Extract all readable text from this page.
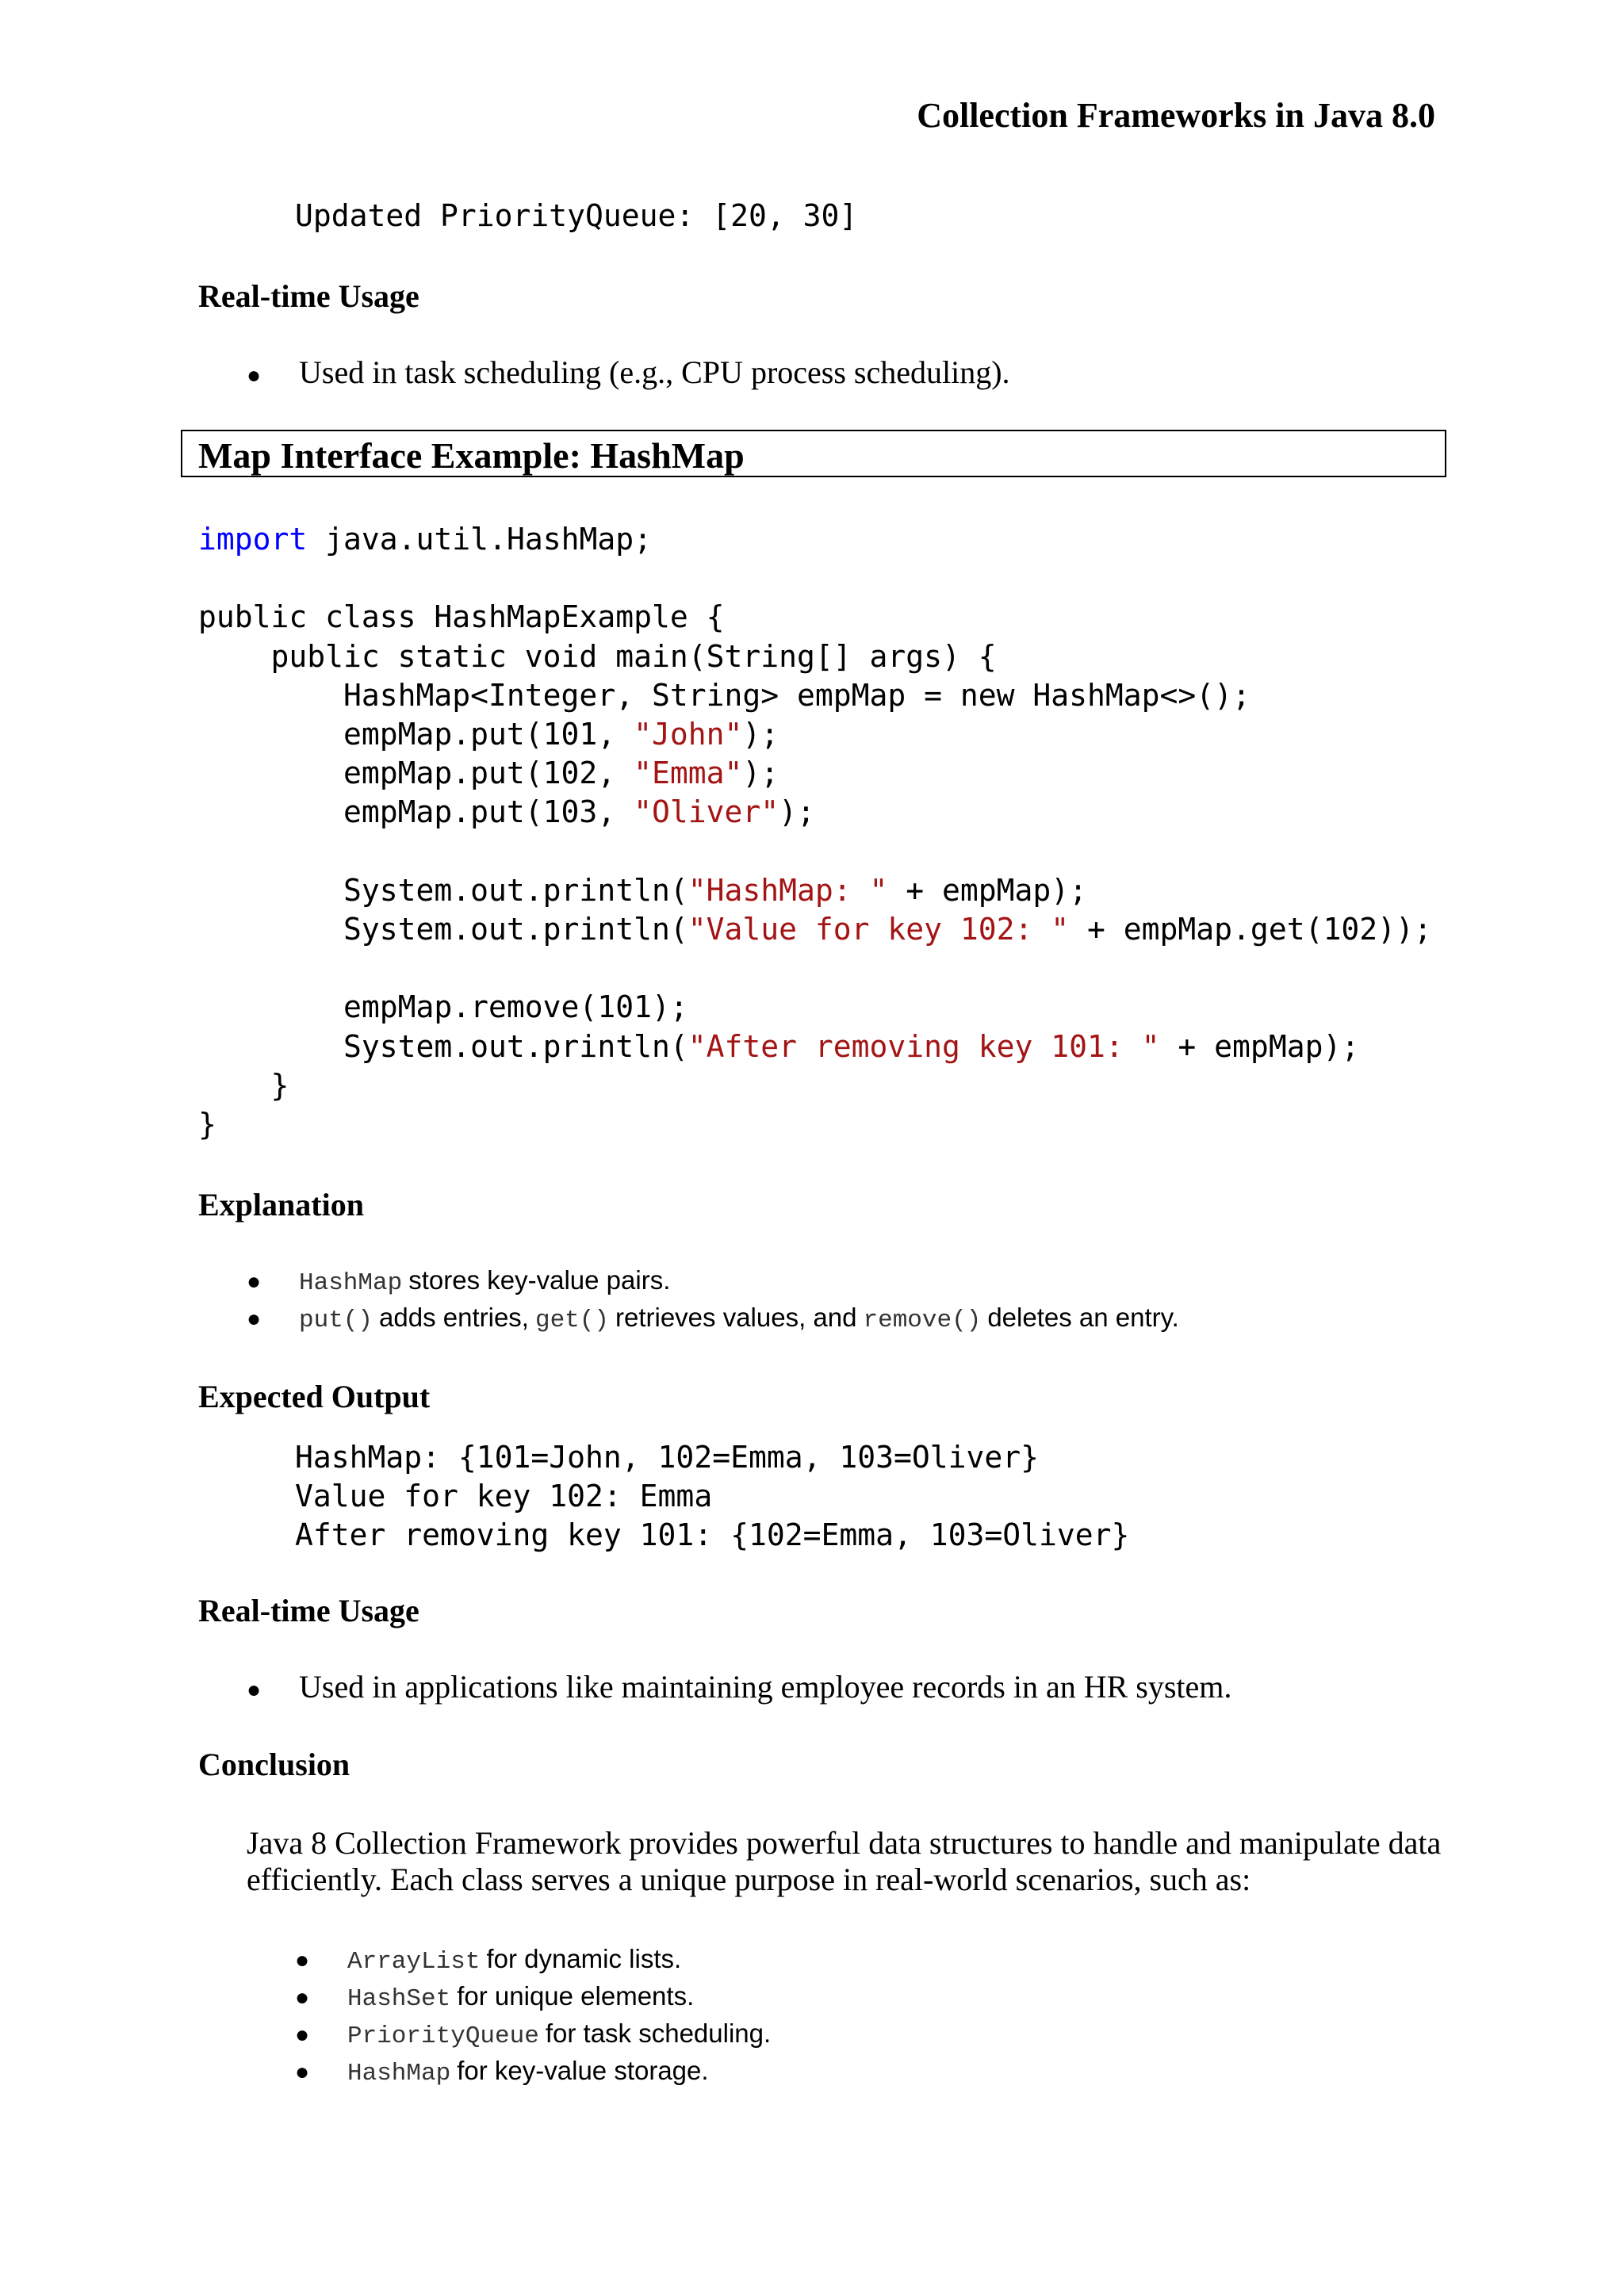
Collection Frameworks in Java 8.0
Updated PriorityQueue: [20, 30]
Real-time Usage
●	Used in task scheduling (e.g., CPU process scheduling).
Map Interface Example: HashMap
import java.util.HashMap;

public class HashMapExample {
public static void main(String[] args) {
HashMap<Integer, String> empMap = new HashMap<>();
empMap.put(101, "John");
empMap.put(102, "Emma");
empMap.put(103, "Oliver");

System.out.println("HashMap: " + empMap);
System.out.println("Value for key 102: " + empMap.get(102));

empMap.remove(101);
System.out.println("After removing key 101: " + empMap);
}
}
Explanation
●	HashMap stores key-value pairs.
●	put() adds entries, get() retrieves values, and remove() deletes an entry.
Expected Output
HashMap: {101=John, 102=Emma, 103=Oliver}
Value for key 102: Emma
After removing key 101: {102=Emma, 103=Oliver}
Real-time Usage
●	Used in applications like maintaining employee records in an HR system.
Conclusion
Java 8 Collection Framework provides powerful data structures to handle and manipulate data efficiently. Each class serves a unique purpose in real-world scenarios, such as:
●	ArrayList for dynamic lists.
●	HashSet for unique elements.
●	PriorityQueue for task scheduling.
●	HashMap for key-value storage.
